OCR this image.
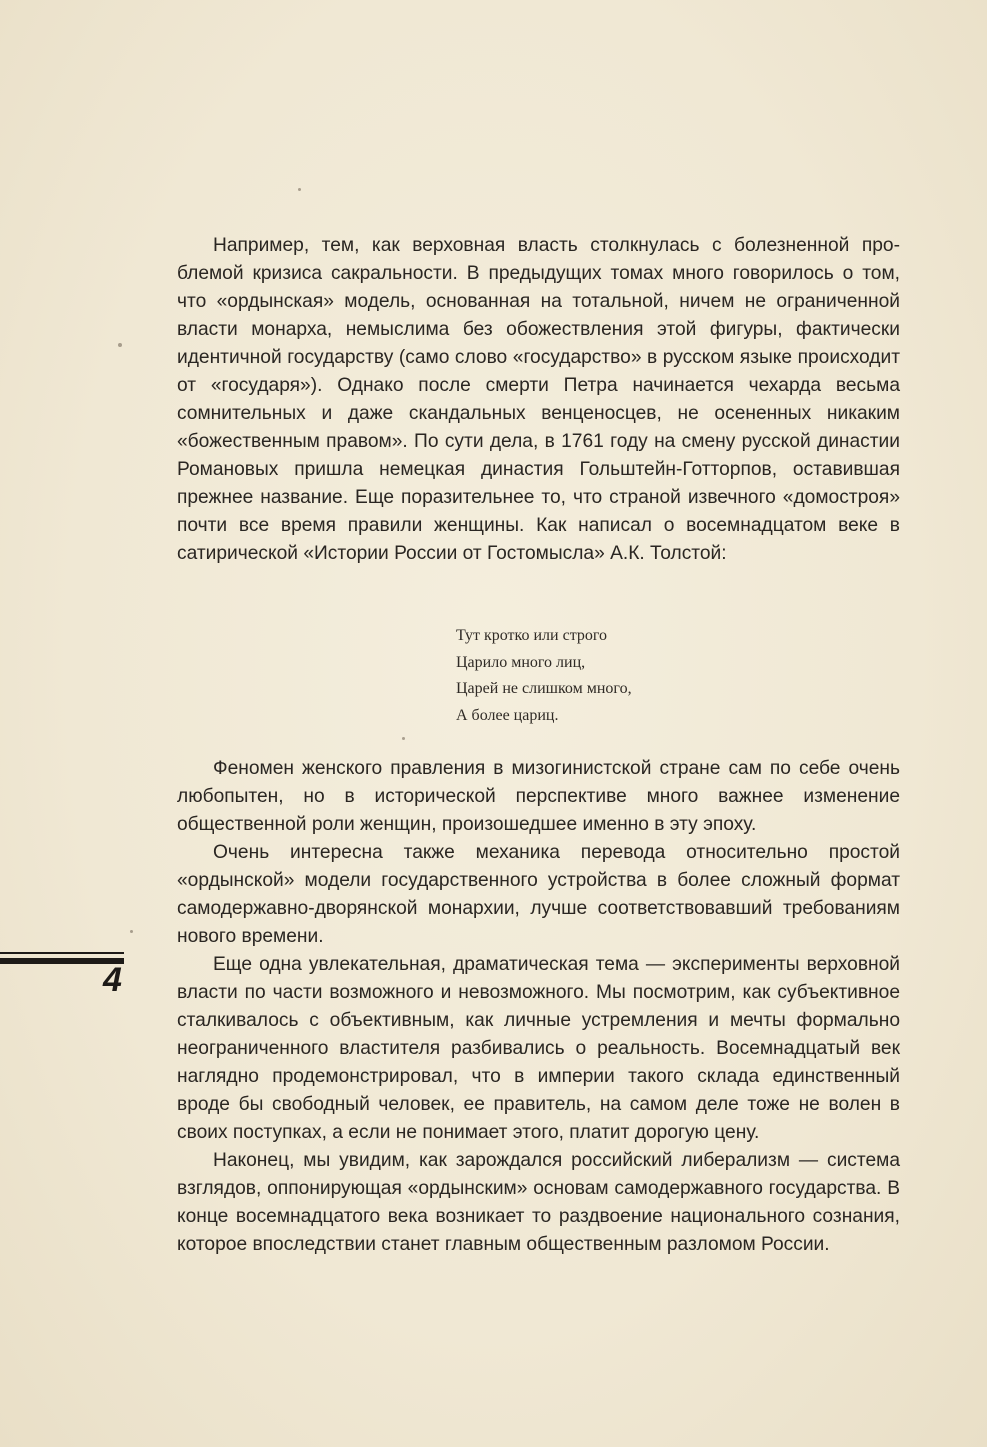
Например, тем, как верховная власть столкнулась с болезненной проблемой кризиса сакральности. В предыдущих томах много говорилось о том, что «ордынская» модель, основанная на тотальной, ничем не ограниченной власти монарха, немыслима без обожествления этой фигуры, фактически идентичной государству (само слово «государство» в русском языке происходит от «государя»). Однако после смерти Петра начинается чехарда весьма сомнительных и даже скандальных венценосцев, не осененных никаким «божественным правом». По сути дела, в 1761 году на смену русской династии Романовых пришла немецкая династия Гольштейн-Готторпов, оставившая прежнее название. Еще поразительнее то, что страной извечного «домостроя» почти все время правили женщины. Как написал о восемнадцатом веке в сатирической «Истории России от Гостомысла» А.К. Толстой:

Тут кротко или строго
Царило много лиц,
Царей не слишком много,
А более цариц.

Феномен женского правления в мизогинистской стране сам по себе очень любопытен, но в исторической перспективе много важнее изменение общественной роли женщин, произошедшее именно в эту эпоху.

Очень интересна также механика перевода относительно простой «ордынской» модели государственного устройства в более сложный формат самодержавно-дворянской монархии, лучше соответствовавший требованиям нового времени.

Еще одна увлекательная, драматическая тема — эксперименты верховной власти по части возможного и невозможного. Мы посмотрим, как субъективное сталкивалось с объективным, как личные устремления и мечты формально неограниченного властителя разбивались о реальность. Восемнадцатый век наглядно продемонстрировал, что в империи такого склада единственный вроде бы свободный человек, ее правитель, на самом деле тоже не волен в своих поступках, а если не понимает этого, платит дорогую цену.

Наконец, мы увидим, как зарождался российский либерализм — система взглядов, оппонирующая «ордынским» основам самодержавного государства. В конце восемнадцатого века возникает то раздвоение национального сознания, которое впоследствии станет главным общественным разломом России.

4
